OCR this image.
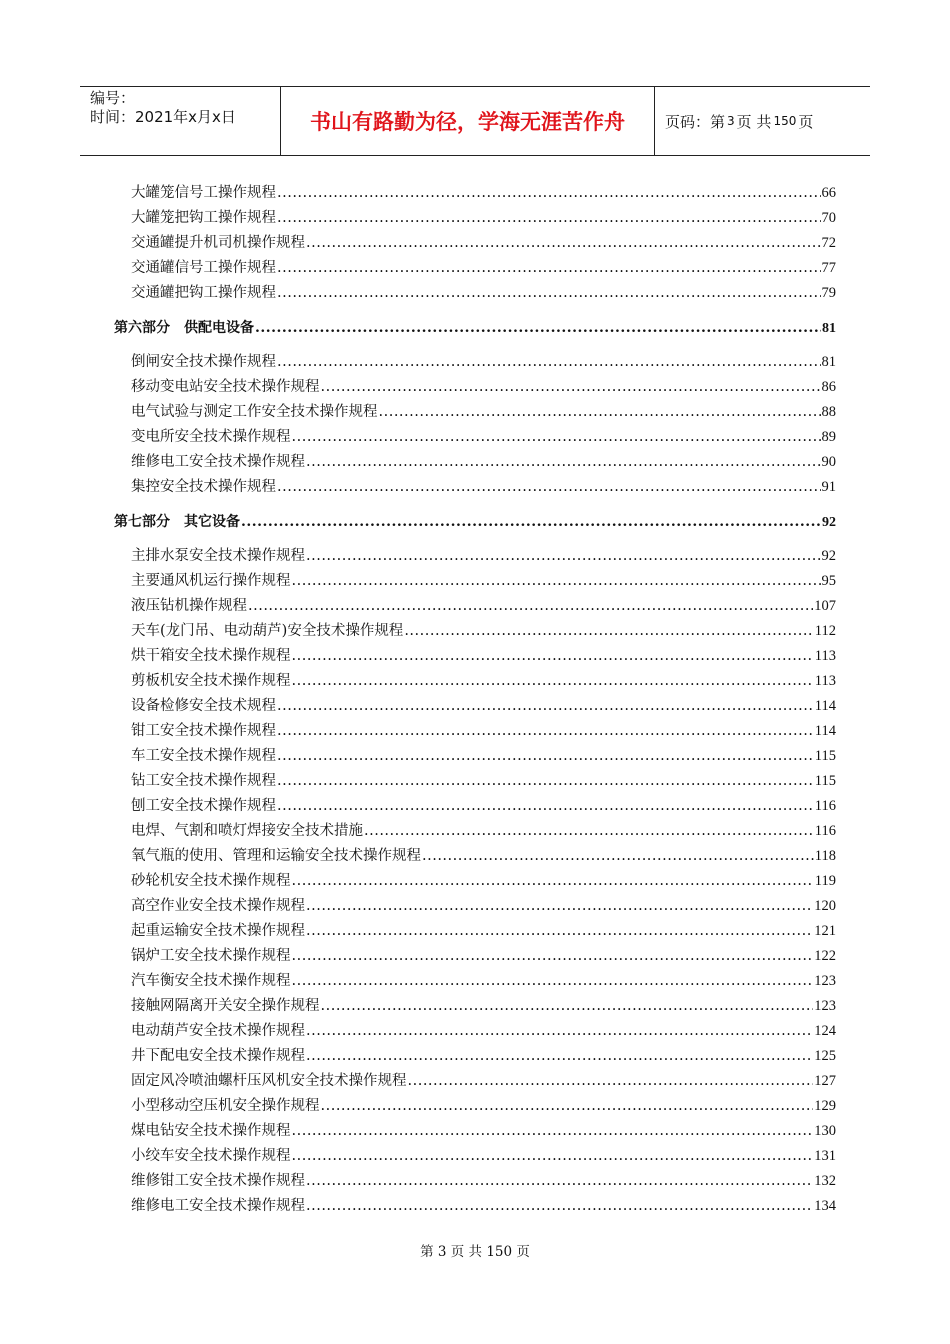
编号：
时间：2021年x月x日	书山有路勤为径，学海无涯苦作舟	页码：第 3 页 共 150 页
大罐笼信号工操作规程 .....	66
大罐笼把钩工操作规程 .....	70
交通罐提升机司机操作规程 .....	72
交通罐信号工操作规程 .....	77
交通罐把钩工操作规程 .....	79
第六部分　供配电设备 .....	81
倒闸安全技术操作规程 .....	81
移动变电站安全技术操作规程 .....	86
电气试验与测定工作安全技术操作规程 .....	88
变电所安全技术操作规程 .....	89
维修电工安全技术操作规程 .....	90
集控安全技术操作规程 .....	91
第七部分　其它设备 .....	92
主排水泵安全技术操作规程 .....	92
主要通风机运行操作规程 .....	95
液压钻机操作规程 .....	107
天车(龙门吊、电动葫芦)安全技术操作规程 .....	112
烘干箱安全技术操作规程 .....	113
剪板机安全技术操作规程 .....	113
设备检修安全技术规程 .....	114
钳工安全技术操作规程 .....	114
车工安全技术操作规程 .....	115
钻工安全技术操作规程 .....	115
刨工安全技术操作规程 .....	116
电焊、气割和喷灯焊接安全技术措施 .....	116
氧气瓶的使用、管理和运输安全技术操作规程 .....	118
砂轮机安全技术操作规程 .....	119
高空作业安全技术操作规程 .....	120
起重运输安全技术操作规程 .....	121
锅炉工安全技术操作规程 .....	122
汽车衡安全技术操作规程 .....	123
接触网隔离开关安全操作规程 .....	123
电动葫芦安全技术操作规程 .....	124
井下配电安全技术操作规程 .....	125
固定风冷喷油螺杆压风机安全技术操作规程 .....	127
小型移动空压机安全操作规程 .....	129
煤电钻安全技术操作规程 .....	130
小绞车安全技术操作规程 .....	131
维修钳工安全技术操作规程 .....	132
维修电工安全技术操作规程 .....	134
第 3 页 共 150 页
